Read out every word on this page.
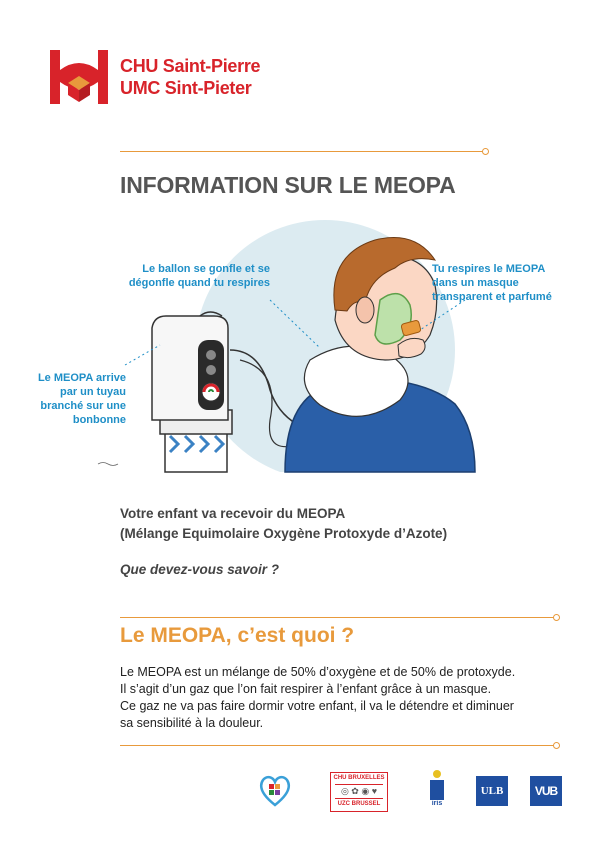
CHU Saint-Pierre
UMC Sint-Pieter
INFORMATION SUR LE MEOPA
Le ballon se gonfle et se
dégonfle quand tu respires
Tu respires le MEOPA
dans un masque
transparent et parfumé
Le MEOPA arrive
par un tuyau
branché sur une
bonbonne
Votre enfant va recevoir du MEOPA
(Mélange Equimolaire Oxygène Protoxyde d’Azote)
Que devez-vous savoir ?
Le MEOPA, c’est quoi ?
Le MEOPA est un mélange de 50% d’oxygène et de 50% de protoxyde.
Il s’agit d’un gaz que l’on fait respirer à l’enfant grâce à un masque.
Ce gaz ne va pas faire dormir votre enfant, il va le détendre et diminuer
sa sensibilité à la douleur.
CHU BRUXELLES
◎ ✿ ◉ ♥
UZC BRUSSEL	iris
ULB	VUB
